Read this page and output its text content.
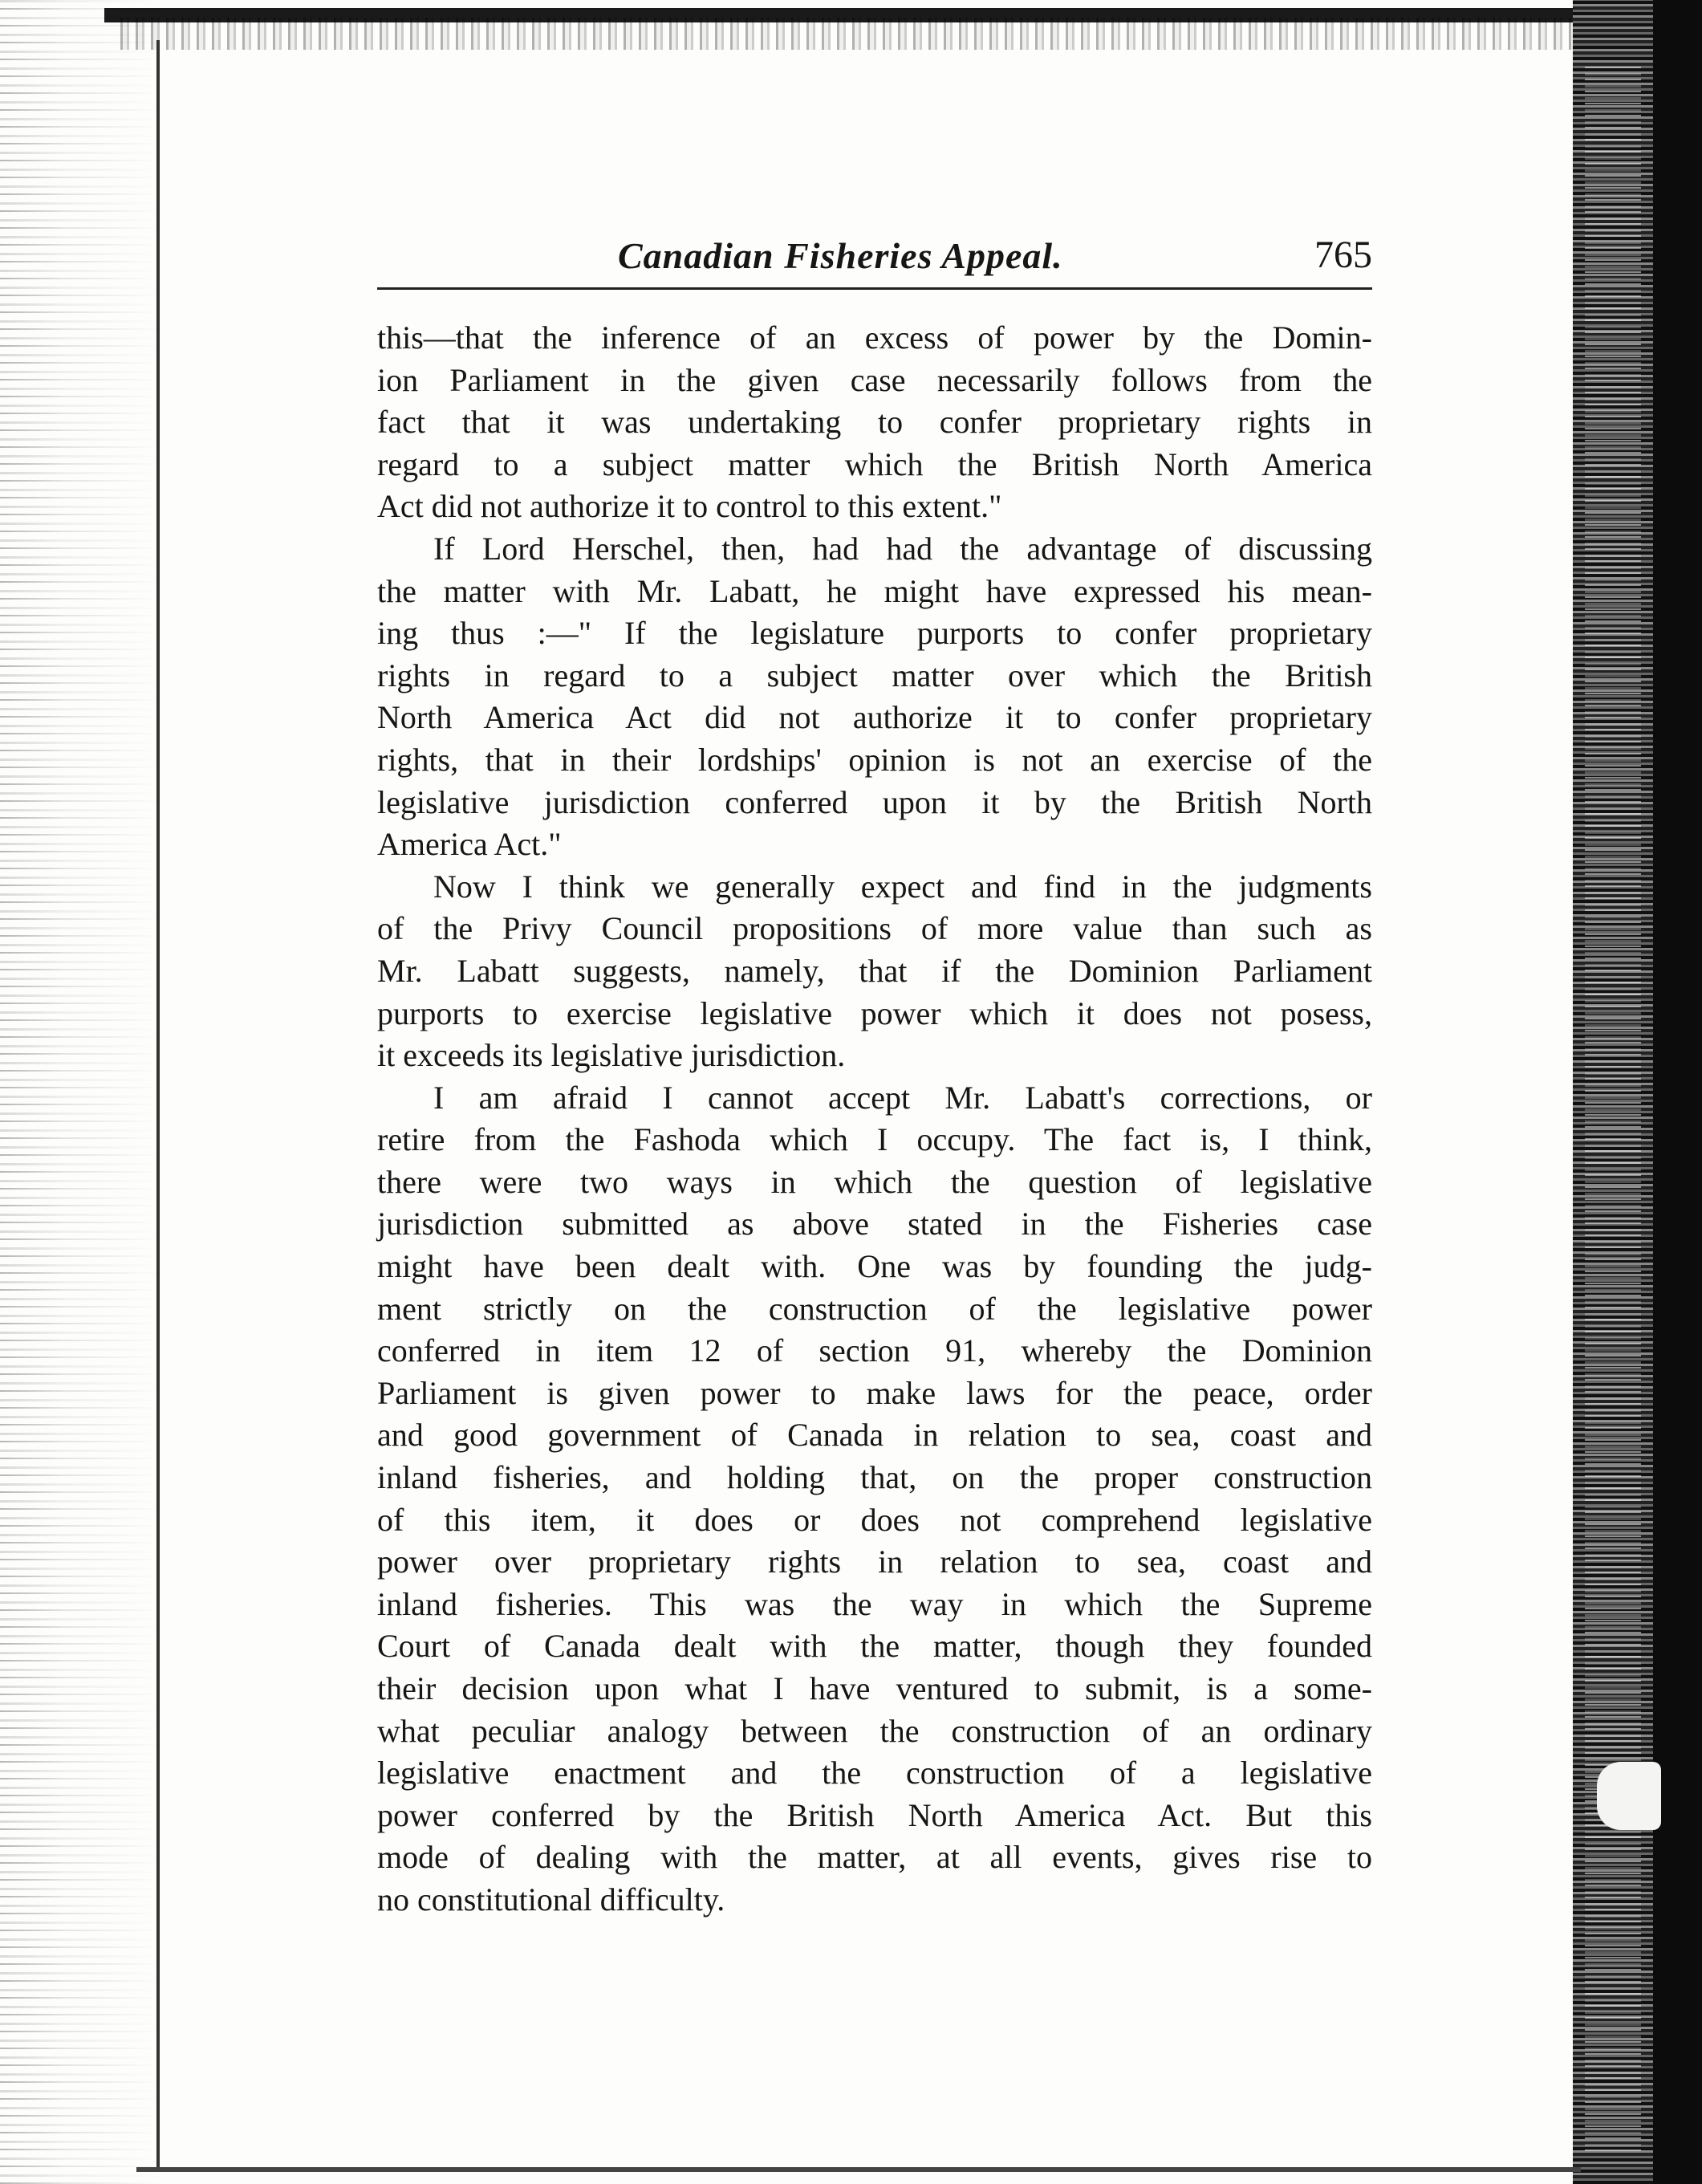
Canadian Fisheries Appeal.	765
this—that the inference of an excess of power by the Domin-
ion Parliament in the given case necessarily follows from the
fact that it was undertaking to confer proprietary rights in
regard to a subject matter which the British North America
Act did not authorize it to control to this extent."
If Lord Herschel, then, had had the advantage of discussing
the matter with Mr. Labatt, he might have expressed his mean-
ing thus :—" If the legislature purports to confer proprietary
rights in regard to a subject matter over which the British
North America Act did not authorize it to confer proprietary
rights, that in their lordships' opinion is not an exercise of the
legislative jurisdiction conferred upon it by the British North
America Act."
Now I think we generally expect and find in the judgments
of the Privy Council propositions of more value than such as
Mr. Labatt suggests, namely, that if the Dominion Parliament
purports to exercise legislative power which it does not posess,
it exceeds its legislative jurisdiction.
I am afraid I cannot accept Mr. Labatt's corrections, or
retire from the Fashoda which I occupy. The fact is, I think,
there were two ways in which the question of legislative
jurisdiction submitted as above stated in the Fisheries case
might have been dealt with. One was by founding the judg-
ment strictly on the construction of the legislative power
conferred in item 12 of section 91, whereby the Dominion
Parliament is given power to make laws for the peace, order
and good government of Canada in relation to sea, coast and
inland fisheries, and holding that, on the proper construction
of this item, it does or does not comprehend legislative
power over proprietary rights in relation to sea, coast and
inland fisheries. This was the way in which the Supreme
Court of Canada dealt with the matter, though they founded
their decision upon what I have ventured to submit, is a some-
what peculiar analogy between the construction of an ordinary
legislative enactment and the construction of a legislative
power conferred by the British North America Act. But this
mode of dealing with the matter, at all events, gives rise to
no constitutional difficulty.
